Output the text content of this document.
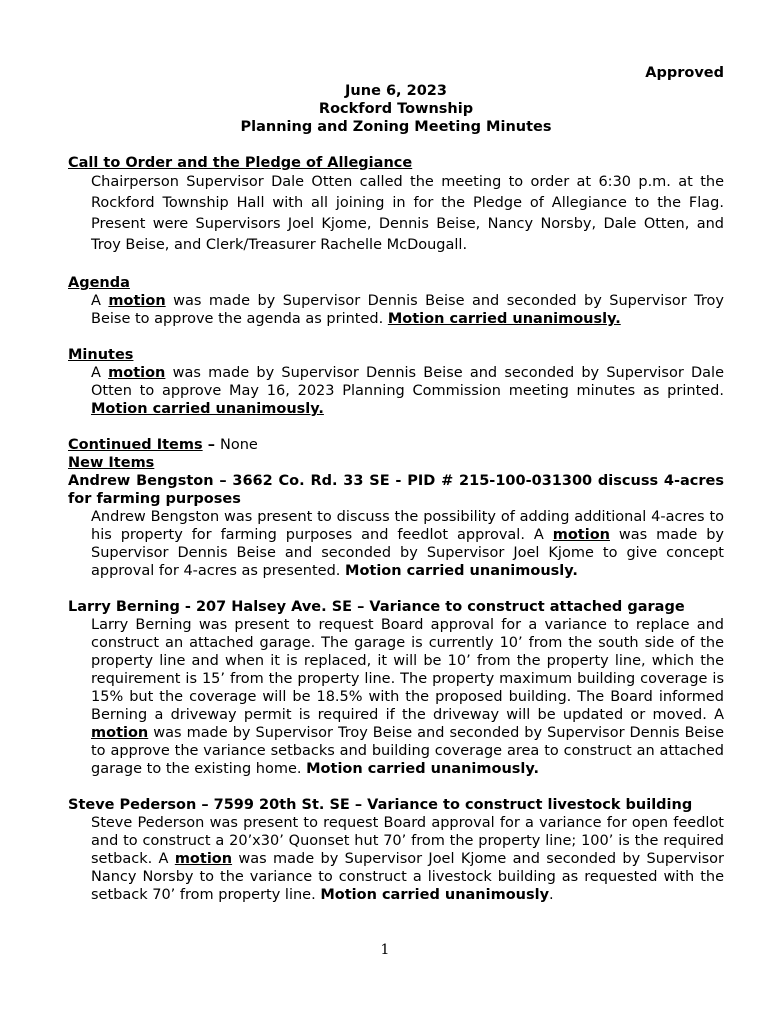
Approved
June 6, 2023
Rockford Township
Planning and Zoning Meeting Minutes
Call to Order and the Pledge of Allegiance
Chairperson Supervisor Dale Otten called the meeting to order at 6:30 p.m. at the Rockford Township Hall with all joining in for the Pledge of Allegiance to the Flag. Present were Supervisors Joel Kjome, Dennis Beise, Nancy Norsby, Dale Otten, and Troy Beise, and Clerk/Treasurer Rachelle McDougall.
Agenda
A motion was made by Supervisor Dennis Beise and seconded by Supervisor Troy Beise to approve the agenda as printed. Motion carried unanimously.
Minutes
A motion was made by Supervisor Dennis Beise and seconded by Supervisor Dale Otten to approve May 16, 2023 Planning Commission meeting minutes as printed. Motion carried unanimously.
Continued Items – None
New Items
Andrew Bengston – 3662 Co. Rd. 33 SE - PID # 215-100-031300 discuss 4-acres for farming purposes
Andrew Bengston was present to discuss the possibility of adding additional 4-acres to his property for farming purposes and feedlot approval. A motion was made by Supervisor Dennis Beise and seconded by Supervisor Joel Kjome to give concept approval for 4-acres as presented. Motion carried unanimously.
Larry Berning - 207 Halsey Ave. SE – Variance to construct attached garage
Larry Berning was present to request Board approval for a variance to replace and construct an attached garage. The garage is currently 10’ from the south side of the property line and when it is replaced, it will be 10’ from the property line, which the requirement is 15’ from the property line. The property maximum building coverage is 15% but the coverage will be 18.5% with the proposed building. The Board informed Berning a driveway permit is required if the driveway will be updated or moved. A motion was made by Supervisor Troy Beise and seconded by Supervisor Dennis Beise to approve the variance setbacks and building coverage area to construct an attached garage to the existing home. Motion carried unanimously.
Steve Pederson – 7599 20th St. SE – Variance to construct livestock building
Steve Pederson was present to request Board approval for a variance for open feedlot and to construct a 20’x30’ Quonset hut 70’ from the property line; 100’ is the required setback. A motion was made by Supervisor Joel Kjome and seconded by Supervisor Nancy Norsby to the variance to construct a livestock building as requested with the setback 70’ from property line. Motion carried unanimously.
1
